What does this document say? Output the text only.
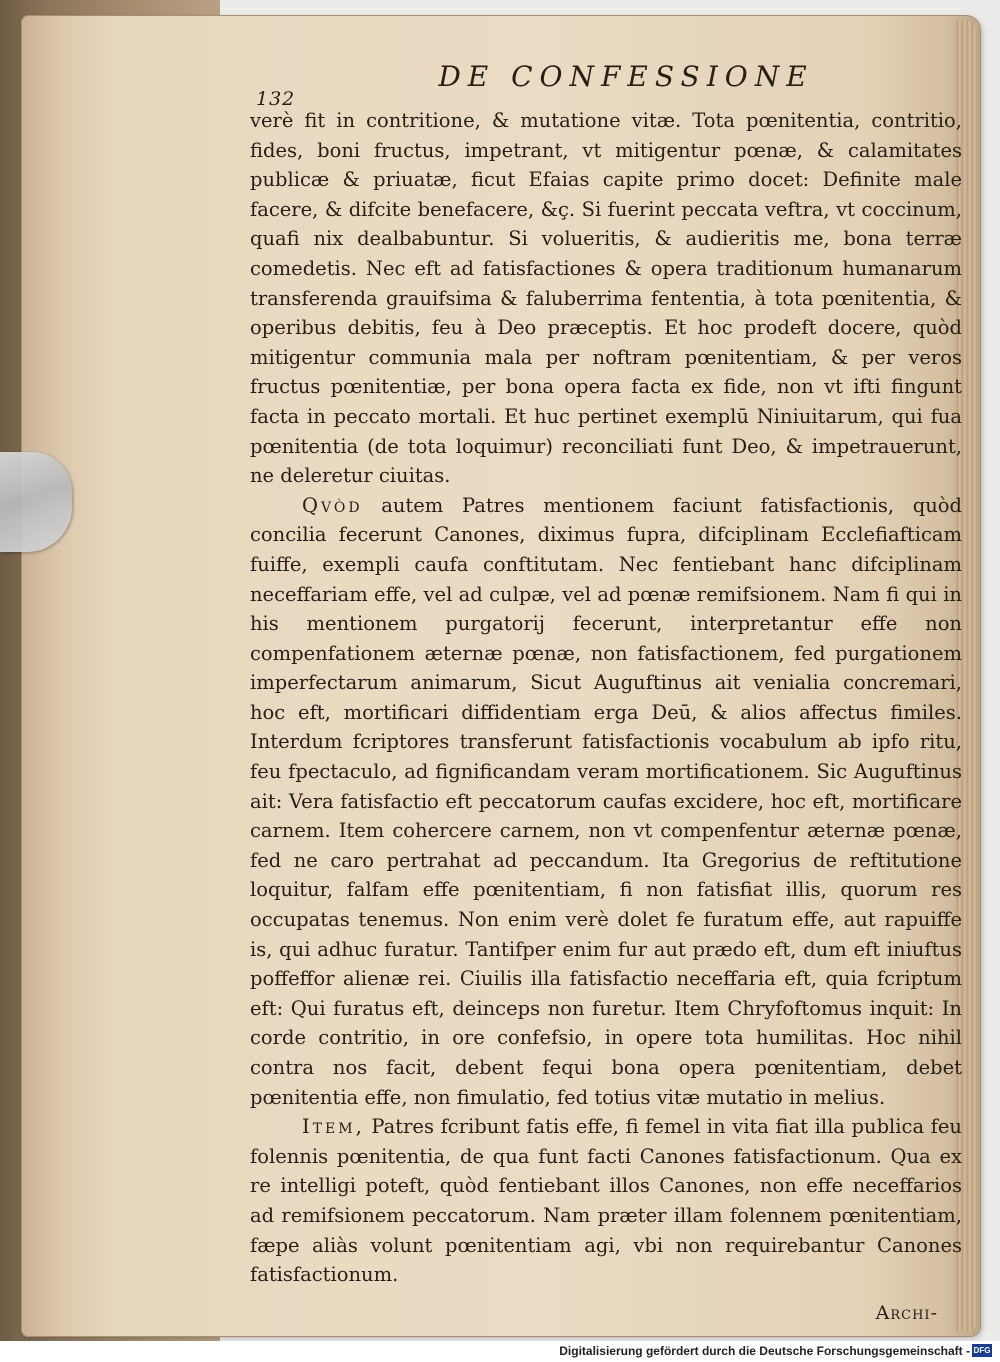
132
DE CONFESSIONE

verè fit in contritione, & mutatione vitæ. Tota pœnitentia, contritio, fides, boni fructus, impetrant, vt mitigentur pœnæ, & calamitates publicæ & priuatæ, ficut Efaias capite primo docet: Definite male facere, & difcite benefacere, &ç. Si fuerint peccata veftra, vt coccinum, quafi nix dealbabuntur. Si volueritis, & audieritis me, bona terræ comedetis. Nec eft ad fatisfactiones & opera traditionum humanarum transferenda grauifsima & faluberrima fententia, à tota pœnitentia, & operibus debitis, feu à Deo præceptis. Et hoc prodeft docere, quòd mitigentur communia mala per noftram pœnitentiam, & per veros fructus pœnitentiæ, per bona opera facta ex fide, non vt ifti fingunt facta in peccato mortali. Et huc pertinet exemplū Niniuitarum, qui fua pœnitentia (de tota loquimur) reconciliati funt Deo, & impetrauerunt, ne deleretur ciuitas.

Qvòd autem Patres mentionem faciunt fatisfactionis, quòd concilia fecerunt Canones, diximus fupra, difciplinam Ecclefiafticam fuiffe, exempli caufa conftitutam. Nec fentiebant hanc difciplinam neceffariam effe, vel ad culpæ, vel ad pœnæ remifsionem. Nam fi qui in his mentionem purgatorij fecerunt, interpretantur effe non compenfationem æternæ pœnæ, non fatisfactionem, fed purgationem imperfectarum animarum, Sicut Auguftinus ait venialia concremari, hoc eft, mortificari diffidentiam erga Deū, & alios affectus fimiles. Interdum fcriptores transferunt fatisfactionis vocabulum ab ipfo ritu, feu fpectaculo, ad fignificandam veram mortificationem. Sic Auguftinus ait: Vera fatisfactio eft peccatorum caufas excidere, hoc eft, mortificare carnem. Item cohercere carnem, non vt compenfentur æternæ pœnæ, fed ne caro pertrahat ad peccandum. Ita Gregorius de reftitutione loquitur, falfam effe pœnitentiam, fi non fatisfiat illis, quorum res occupatas tenemus. Non enim verè dolet fe furatum effe, aut rapuiffe is, qui adhuc furatur. Tantifper enim fur aut prædo eft, dum eft iniuftus poffeffor alienæ rei. Ciuilis illa fatisfactio neceffaria eft, quia fcriptum eft: Qui furatus eft, deinceps non furetur. Item Chryfoftomus inquit: In corde contritio, in ore confefsio, in opere tota humilitas. Hoc nihil contra nos facit, debent fequi bona opera pœnitentiam, debet pœnitentia effe, non fimulatio, fed totius vitæ mutatio in melius.

Item, Patres fcribunt fatis effe, fi femel in vita fiat illa publica feu folennis pœnitentia, de qua funt facti Canones fatisfactionum. Qua ex re intelligi poteft, quòd fentiebant illos Canones, non effe neceffarios ad remifsionem peccatorum. Nam præter illam folennem pœnitentiam, fæpe aliàs volunt pœnitentiam agi, vbi non requirebantur Canones fatisfactionum.

Archi-
Digitalisierung gefördert durch die Deutsche Forschungsgemeinschaft - DFG
